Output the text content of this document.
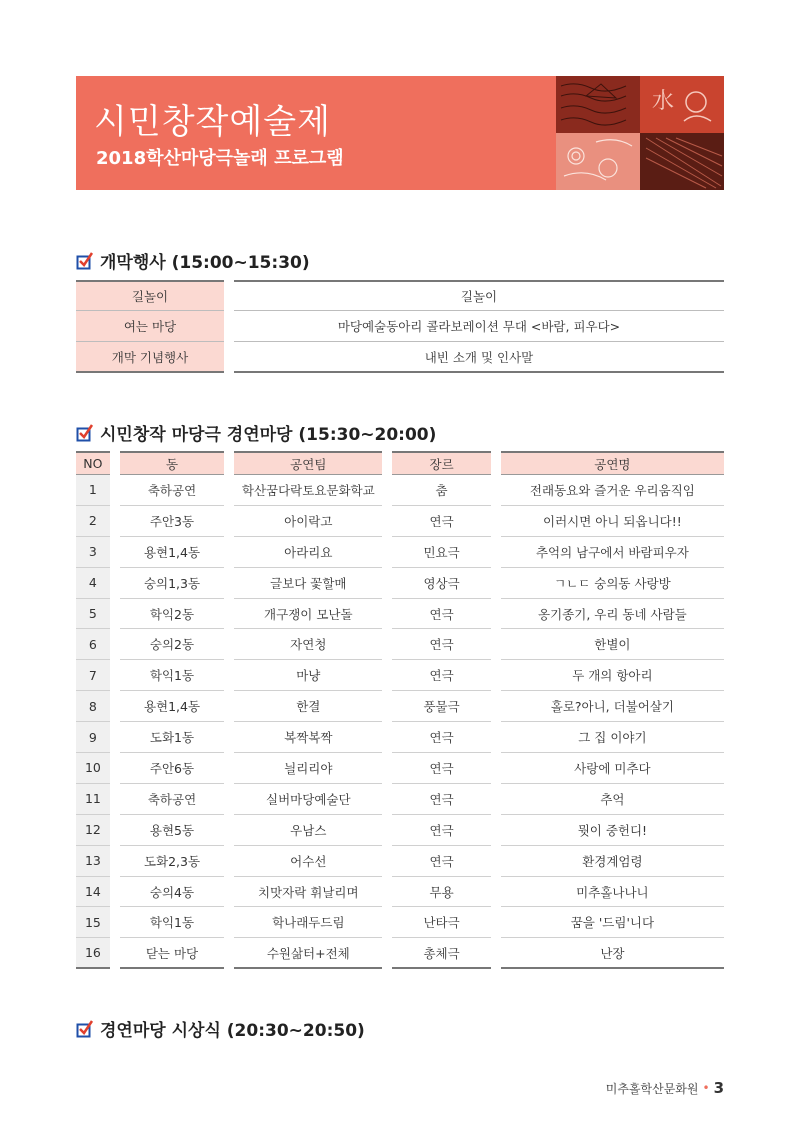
시민창작예술제
2018학산마당극놀래 프로그램
水
개막행사 (15:00~15:30)
길놀이		길놀이
여는 마당		마당예술동아리 콜라보레이션 무대 <바람, 피우다>
개막 기념행사		내빈 소개 및 인사말
시민창작 마당극 경연마당 (15:30~20:00)
NO		동		공연팀		장르		공연명
1		축하공연		학산꿈다락토요문화학교		춤		전래동요와 즐거운 우리움직임
2		주안3동		아이락고		연극		이러시면 아니 되옵니다!!
3		용현1,4동		아라리요		민요극		추억의 남구에서 바람피우자
4		숭의1,3동		글보다 꽃할매		영상극		ㄱㄴㄷ 숭의동 사랑방
5		학익2동		개구쟁이 모난돌		연극		옹기종기, 우리 동네 사람들
6		숭의2동		자연청		연극		한별이
7		학익1동		마냥		연극		두 개의 항아리
8		용현1,4동		한결		풍물극		홀로?아니, 더불어살기
9		도화1동		복짝복짝		연극		그 집 이야기
10		주안6동		늴리리야		연극		사랑에 미추다
11		축하공연		실버마당예술단		연극		추억
12		용현5동		우남스		연극		뭣이 중헌디!
13		도화2,3동		어수선		연극		환경계엄령
14		숭의4동		치맛자락 휘날리며		무용		미추홀나나니
15		학익1동		학나래두드림		난타극		꿈을 '드림'니다
16		닫는 마당		수원삶터+전체		총체극		난장
경연마당 시상식 (20:30~20:50)
미추홀학산문화원 • 3
